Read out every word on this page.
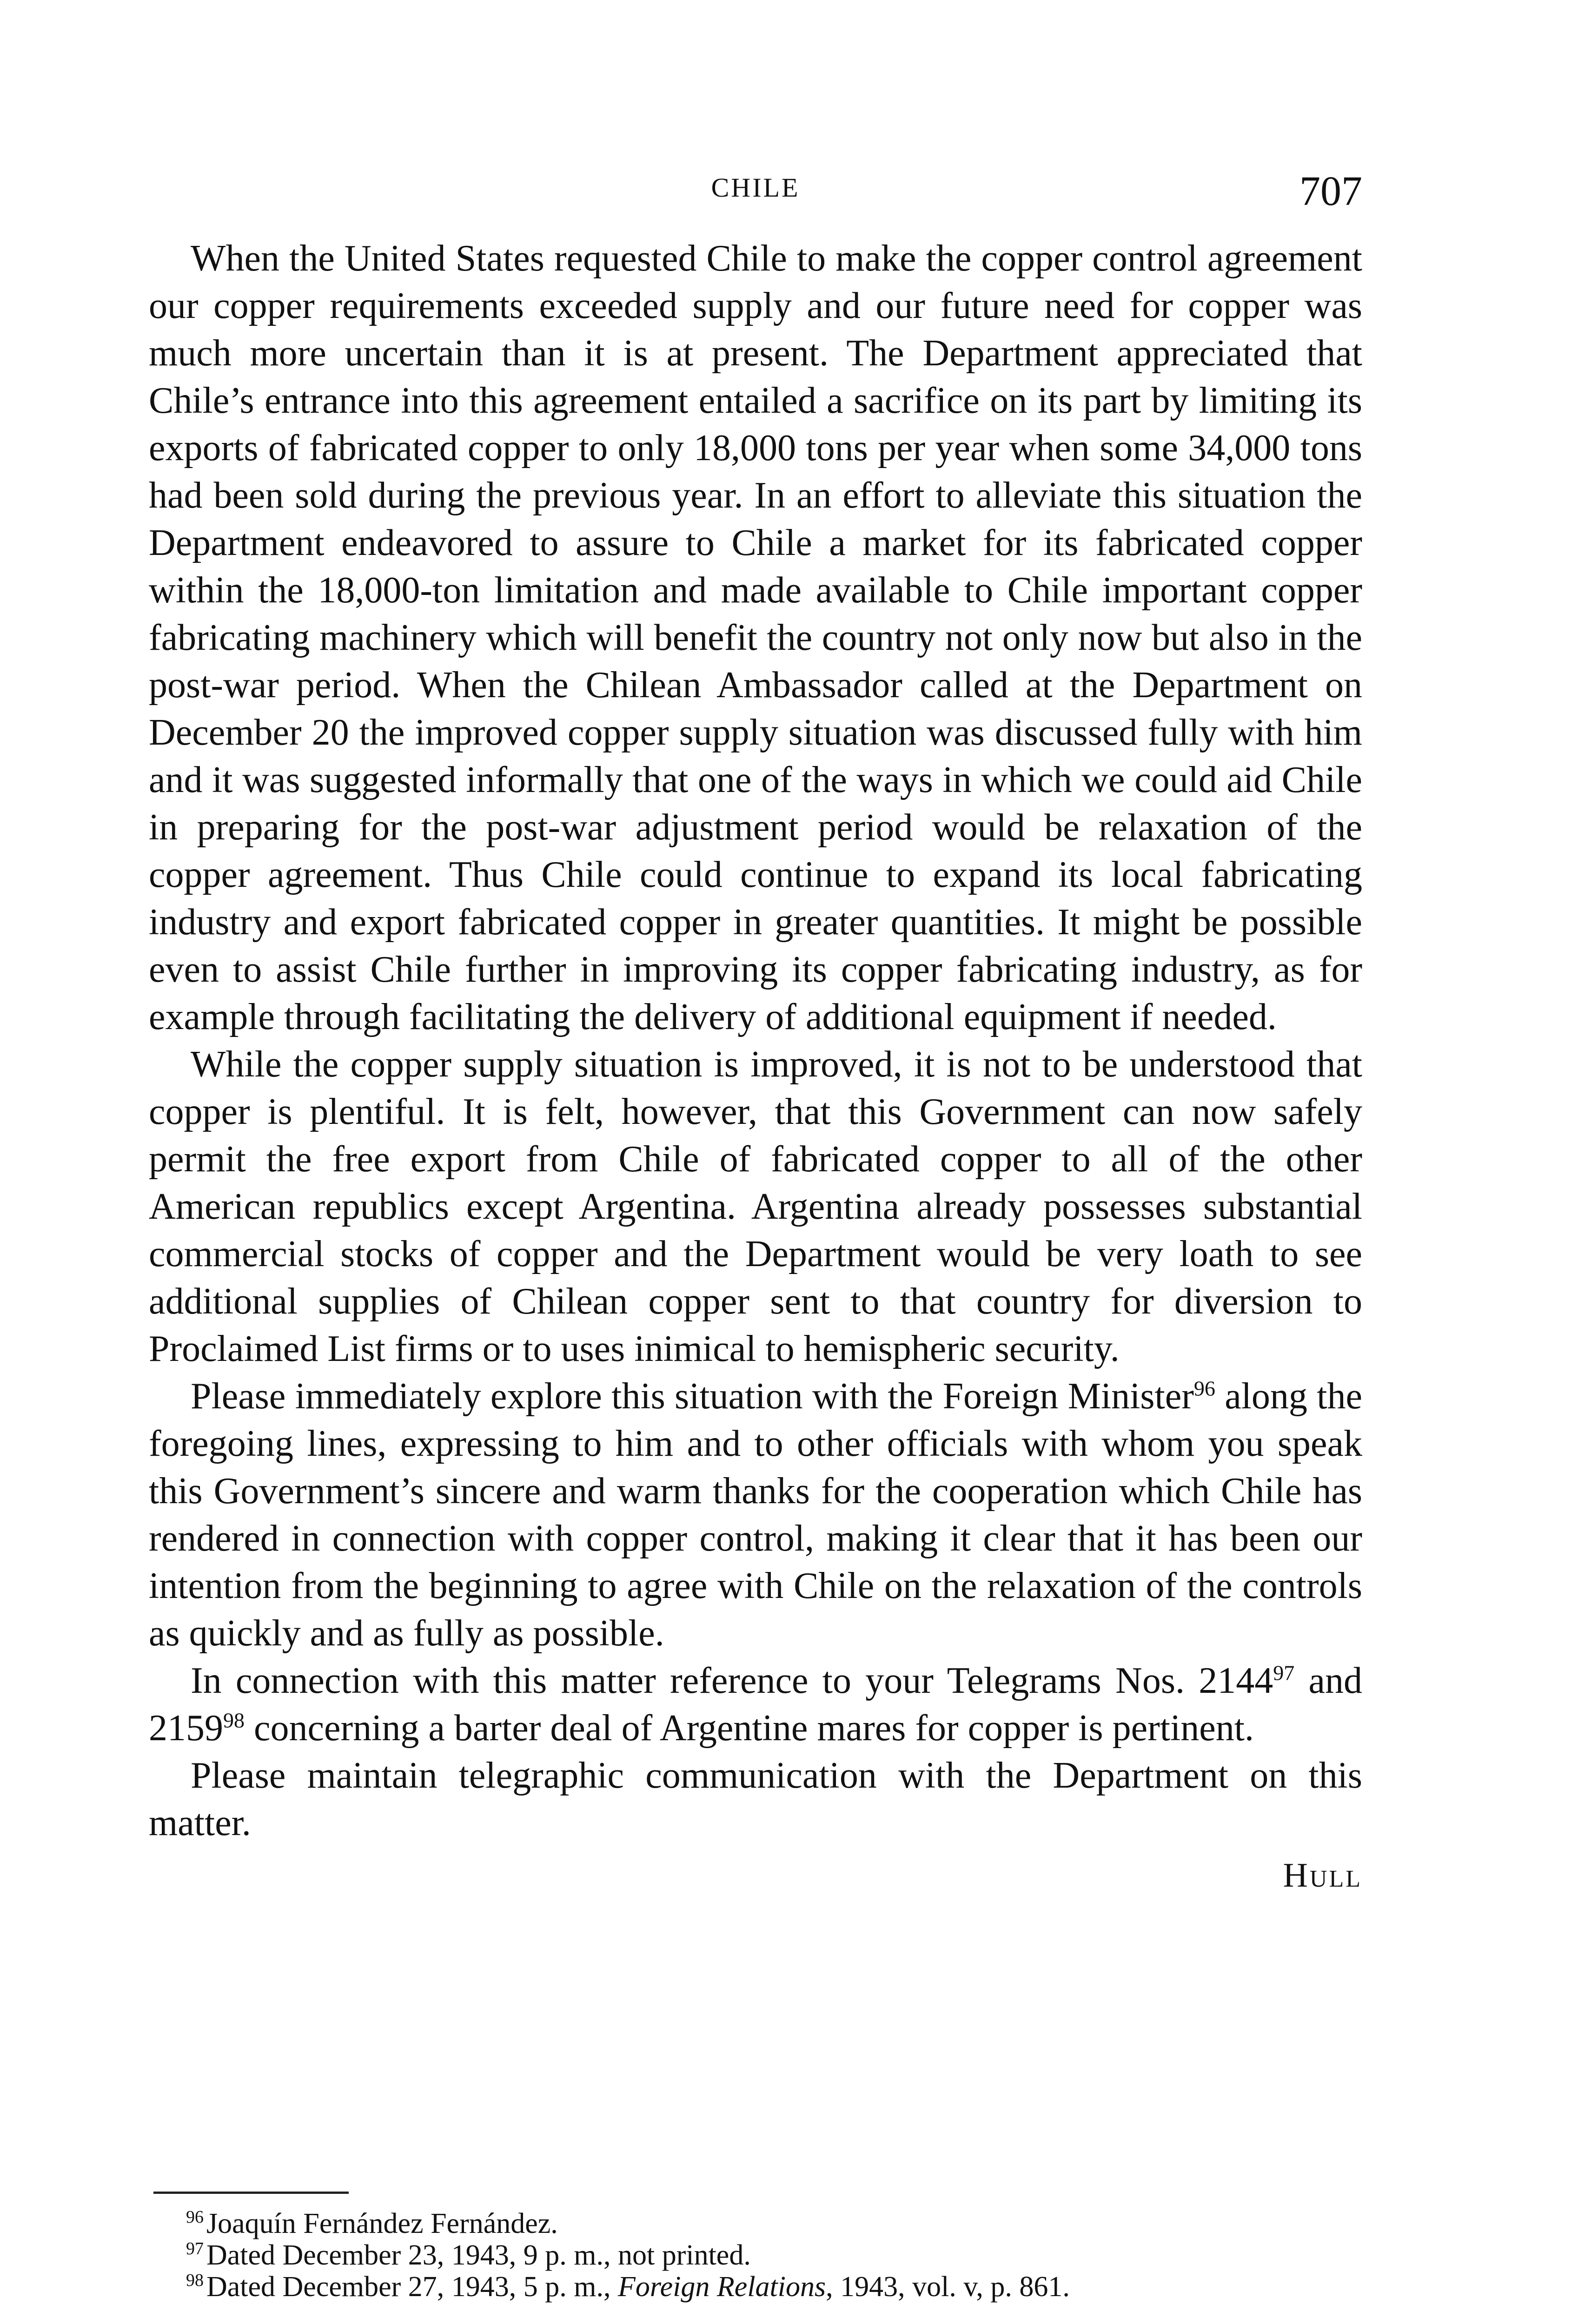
CHILE	707

When the United States requested Chile to make the copper control agreement our copper requirements exceeded supply and our future need for copper was much more uncertain than it is at present. The Department appreciated that Chile’s entrance into this agreement entailed a sacrifice on its part by limiting its exports of fabricated copper to only 18,000 tons per year when some 34,000 tons had been sold during the previous year. In an effort to alleviate this situation the Department endeavored to assure to Chile a market for its fabricated copper within the 18,000-ton limitation and made available to Chile important copper fabricating machinery which will benefit the country not only now but also in the post-war period. When the Chilean Ambassador called at the Department on December 20 the improved copper supply situation was discussed fully with him and it was suggested informally that one of the ways in which we could aid Chile in preparing for the post-war adjustment period would be relaxation of the copper agreement. Thus Chile could continue to expand its local fabricating industry and export fabricated copper in greater quantities. It might be possible even to assist Chile further in improving its copper fabricating industry, as for example through facilitating the delivery of additional equipment if needed.

While the copper supply situation is improved, it is not to be understood that copper is plentiful. It is felt, however, that this Government can now safely permit the free export from Chile of fabricated copper to all of the other American republics except Argentina. Argentina already possesses substantial commercial stocks of copper and the Department would be very loath to see additional supplies of Chilean copper sent to that country for diversion to Proclaimed List firms or to uses inimical to hemispheric security.

Please immediately explore this situation with the Foreign Minister$^{96}$ along the foregoing lines, expressing to him and to other officials with whom you speak this Government’s sincere and warm thanks for the cooperation which Chile has rendered in connection with copper control, making it clear that it has been our intention from the beginning to agree with Chile on the relaxation of the controls as quickly and as fully as possible.

In connection with this matter reference to your Telegrams Nos. 2144$^{97}$ and 2159$^{98}$ concerning a barter deal of Argentine mares for copper is pertinent.

Please maintain telegraphic communication with the Department on this matter.

Hull

$^{96}$Joaquín Fernández Fernández.

$^{97}$Dated December 23, 1943, 9 p. m., not printed.

$^{98}$Dated December 27, 1943, 5 p. m., Foreign Relations, 1943, vol. v, p. 861.
